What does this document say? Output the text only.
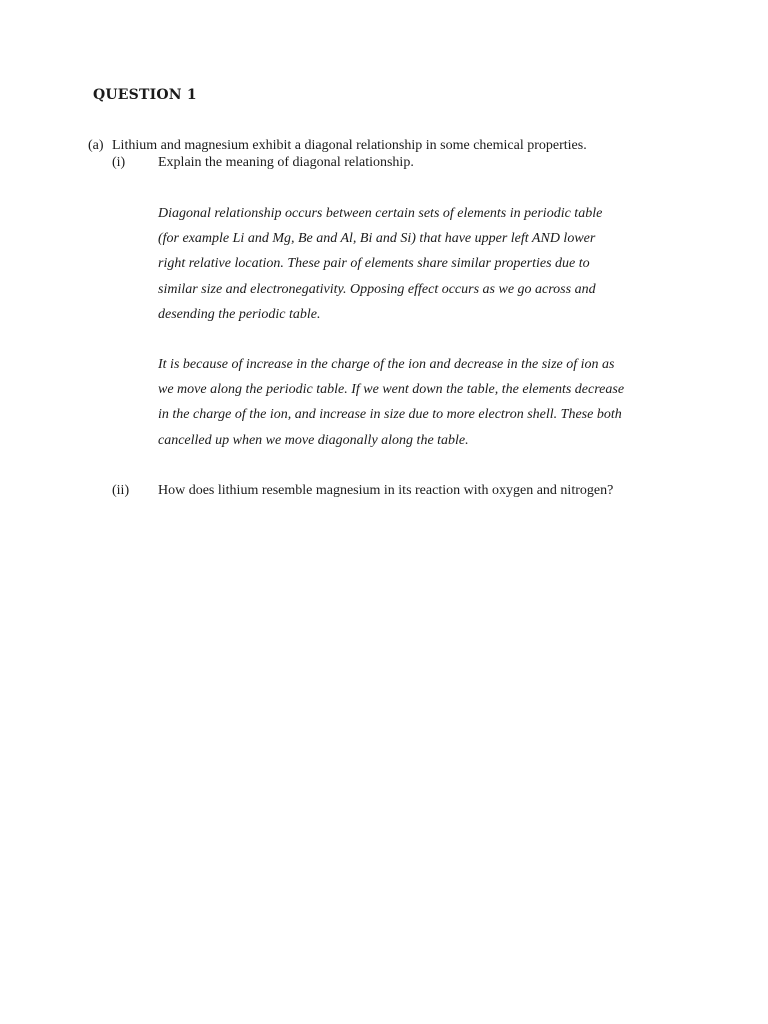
QUESTION 1
(a) Lithium and magnesium exhibit a diagonal relationship in some chemical properties.
(i) Explain the meaning of diagonal relationship.

Diagonal relationship occurs between certain sets of elements in periodic table

(for example Li and Mg, Be and Al, Bi and Si) that have upper left AND lower

right relative location. These pair of elements share similar properties due to

similar size and electronegativity. Opposing effect occurs as we go across and

desending the periodic table.

It is because of increase in the charge of the ion and decrease in the size of ion as

we move along the periodic table. If we went down the table, the elements decrease

in the charge of the ion, and increase in size due to more electron shell. These both

cancelled up when we move diagonally along the table.

(ii) How does lithium resemble magnesium in its reaction with oxygen and nitrogen?
